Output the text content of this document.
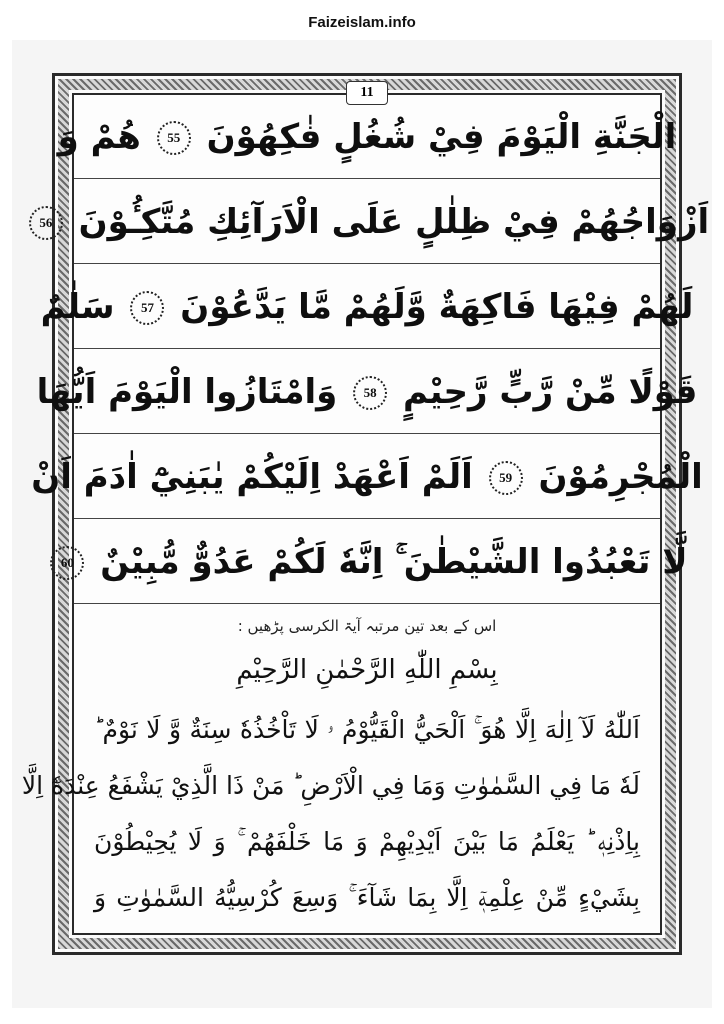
Faizeislam.info
11
الْجَنَّةِ الْيَوْمَ فِيْ شُغُلٍ فٰكِهُوْنَ 55 هُمْ وَ
اَزْوَاجُهُمْ فِيْ ظِلٰلٍ عَلَى الْاَرَآئِكِ مُتَّكِـُٔوْنَ 56
لَهُمْ فِيْهَا فَاكِهَةٌ وَّلَهُمْ مَّا يَدَّعُوْنَ 57 سَلٰمٌ
قَوْلًا مِّنْ رَّبٍّ رَّحِيْمٍ 58 وَامْتَازُوا الْيَوْمَ اَيُّهَا
الْمُجْرِمُوْنَ 59 اَلَمْ اَعْهَدْ اِلَيْكُمْ يٰبَنِيْٓ اٰدَمَ اَنْ
لَّا تَعْبُدُوا الشَّيْطٰنَ ۚ اِنَّهٗ لَكُمْ عَدُوٌّ مُّبِيْنٌ 60
اس کے بعد تین مرتبہ آیۃ الکرسی پڑھیں :
بِسْمِ اللّٰهِ الرَّحْمٰنِ الرَّحِيْمِ
اَللّٰهُ لَآ اِلٰهَ اِلَّا هُوَ ۚ اَلْحَيُّ الْقَيُّوْمُ ۥ لَا تَاْخُذُهٗ سِنَةٌ وَّ لَا نَوْمٌ ؕ
لَهٗ مَا فِي السَّمٰوٰتِ وَمَا فِي الْاَرْضِ ؕ مَنْ ذَا الَّذِيْ يَشْفَعُ عِنْدَهٗٓ اِلَّا
بِاِذْنِهٖ ؕ يَعْلَمُ مَا بَيْنَ اَيْدِيْهِمْ وَ مَا خَلْفَهُمْ ۚ وَ لَا يُحِيْطُوْنَ
بِشَيْءٍ مِّنْ عِلْمِهٖٓ اِلَّا بِمَا شَآءَ ۚ وَسِعَ كُرْسِيُّهُ السَّمٰوٰتِ وَ
